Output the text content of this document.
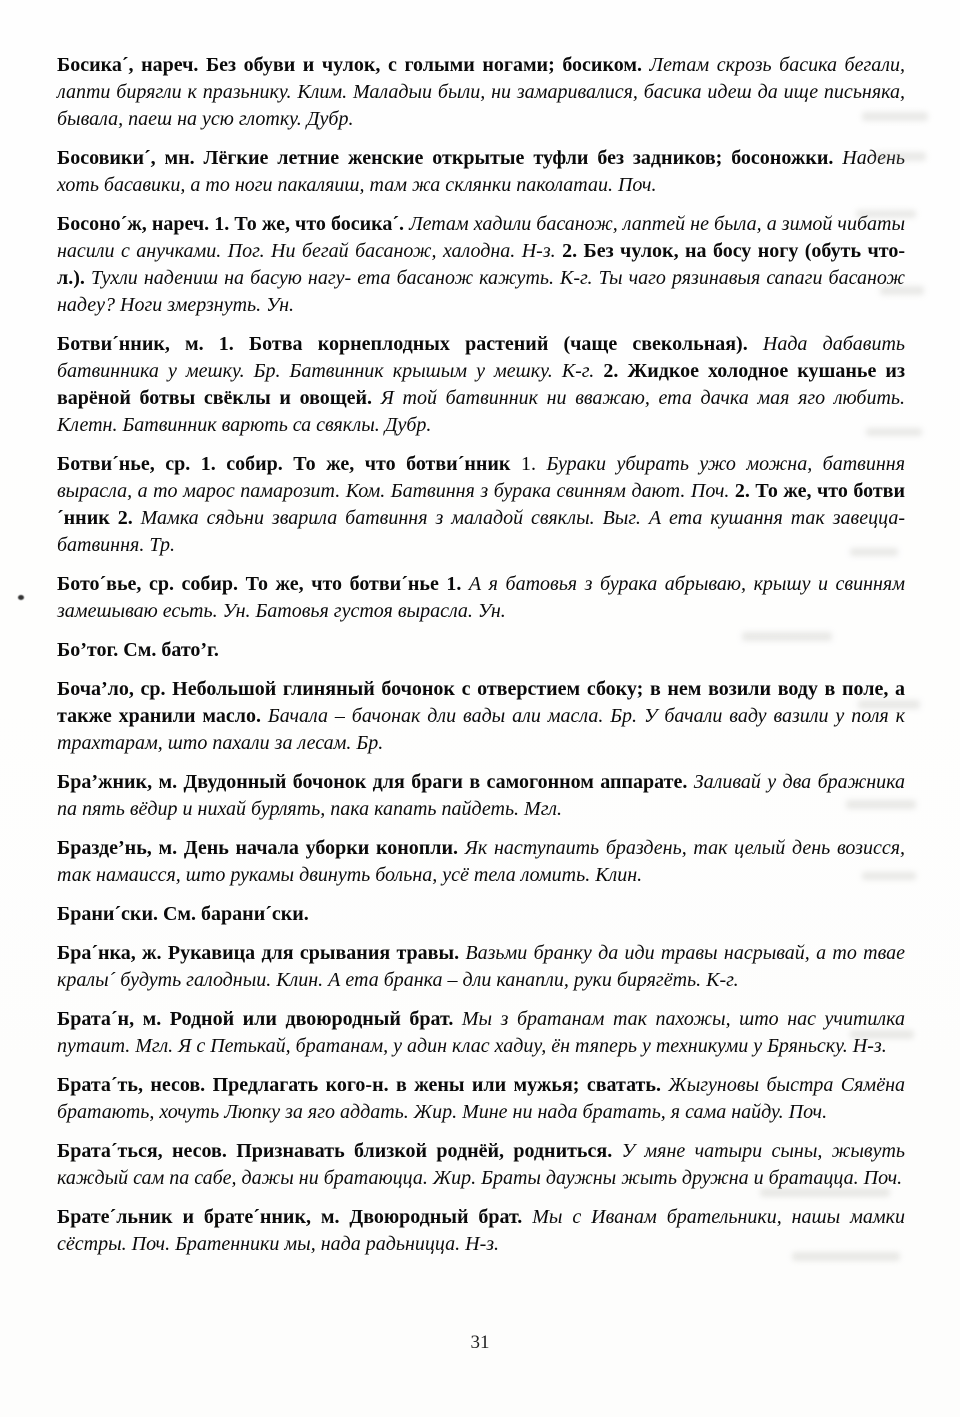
Босика´, нареч. Без обуви и чулок, с голыми ногами; босиком. Летам скрозь басика бегали, лапти бирягли к празьнику. Клим. Маладыи были, ни замаривалися, басика идеш да ище письняка, бывала, паеш на усю глотку. Дубр.

Босовики´, мн. Лёгкие летние женские открытые туфли без задников; босоножки. Надень хоть басавики, а то ноги пакаляиш, там жа склянки паколатаи. Поч.

Босоно´ж, нареч. 1. То же, что босика´. Летам хадили басанож, лаптей не была, а зимой чибаты насили с анучками. Пог. Ни бегай басанож, халодна. Н-з. 2. Без чулок, на босу ногу (обуть что-л.). Тухли надениш на басую нагу- ета басанож кажуть. К-г. Ты чаго рязинавыя сапаги басанож надеу? Ноги змерзнуть. Ун.

Ботви´нник, м. 1. Ботва корнеплодных растений (чаще свекольная). Нада дабавить батвинника у мешку. Бр. Батвинник крышым у мешку. К-г. 2. Жидкое холодное кушанье из варёной ботвы свёклы и овощей. Я той батвинник ни вважаю, ета дачка мая яго любить. Клетн. Батвинник варють са свяклы. Дубр.

Ботви´нье, ср. 1. собир. То же, что ботви´нник 1. Бураки убирать ужо можна, батвиння вырасла, а то марос памарозит. Ком. Батвиння з бурака свинням дают. Поч. 2. То же, что ботви´нник 2. Мамка сядьни зварила батвиння з маладой свяклы. Выг. А ета кушання так завецца- батвиння. Тр.

Бото´вье, ср. собир. То же, что ботви´нье 1. А я батовья з бурака абрываю, крышу и свинням замешываю есьть. Ун. Батовья густоя вырасла. Ун.

Бо’тог. См. бато’г.

Боча’ло, ср. Небольшой глиняный бочонок с отверстием сбоку; в нем возили воду в поле, а также хранили масло. Бачала – бачонак дли вады али масла. Бр. У бачали ваду вазили у поля к трахтарам, што пахали за лесам. Бр.

Бра’жник, м. Двудонный бочонок для браги в самогонном аппарате. Заливай у два бражника па пять вёдир и нихай бурлять, пака капать пайдеть. Мгл.

Бразде’нь, м. День начала уборки конопли. Як наступаить браздень, так целый день возисся, так намаисся, што рукамы двинуть больна, усё тела ломить. Клин.

Брани´ски. См. барани´ски.

Бра´нка, ж. Рукавица для срывания травы. Вазьми бранку да иди травы насрывай, а то твае кралы´ будуть галодныи. Клин. А ета бранка – дли канапли, руки бирягёть. К-г.

Брата´н, м. Родной или двоюродный брат. Мы з братанам так пахожы, што нас учитилка путаит. Мгл. Я с Петькай, братанам, у адин клас хадиу, ён тяперь у техникуми у Бряньску. Н-з.

Брата´ть, несов. Предлагать кого-н. в жены или мужья; сватать. Жыгуновы быстра Сямёна братають, хочуть Люпку за яго аддать. Жир. Мине ни нада братать, я сама найду. Поч.

Брата´ться, несов. Признавать близкой роднёй, родниться. У мяне чатыри сыны, жывуть каждый сам па сабе, дажы ни братаюцца. Жир. Браты даужны жыть дружна и братацца. Поч.

Брате´льник и брате´нник, м. Двоюродный брат. Мы с Иванам брательники, нашы мамки сёстры. Поч. Братенники мы, нада радьницца. Н-з.

31
